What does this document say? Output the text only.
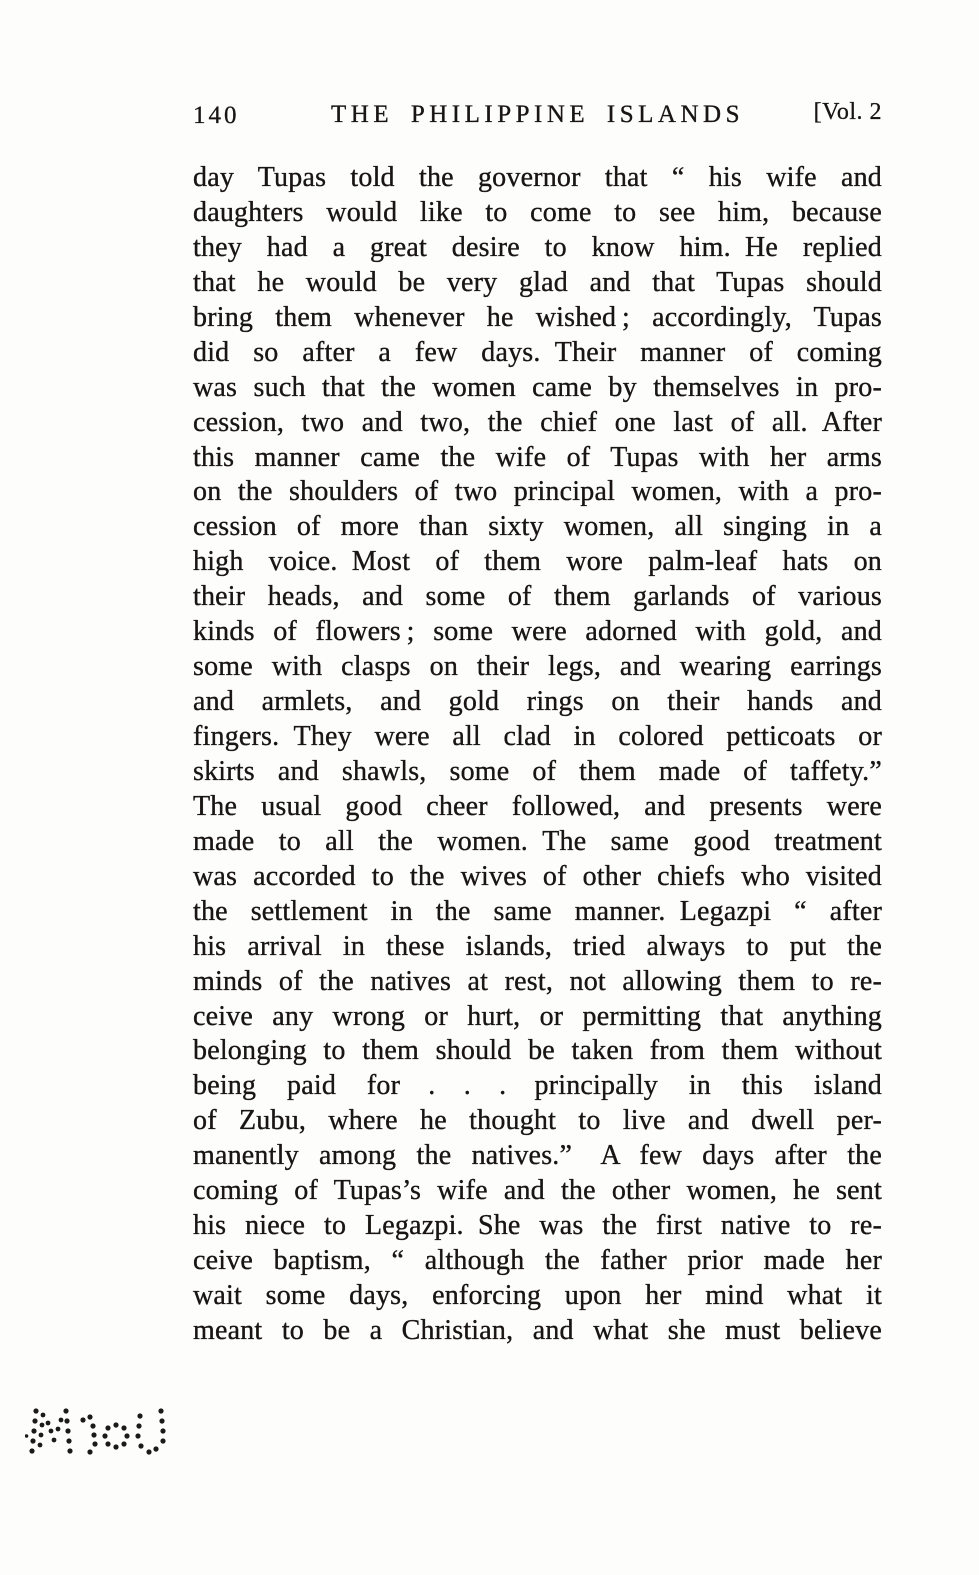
140	THE PHILIPPINE ISLANDS	[Vol. 2
day Tupas told the governor that “ his wife and
daughters would like to come to see him, because
they had a great desire to know him. He replied
that he would be very glad and that Tupas should
bring them whenever he wished ; accordingly, Tupas
did so after a few days. Their manner of coming
was such that the women came by themselves in pro-
cession, two and two, the chief one last of all. After
this manner came the wife of Tupas with her arms
on the shoulders of two principal women, with a pro-
cession of more than sixty women, all singing in a
high voice. Most of them wore palm-leaf hats on
their heads, and some of them garlands of various
kinds of flowers ; some were adorned with gold, and
some with clasps on their legs, and wearing earrings
and armlets, and gold rings on their hands and
fingers. They were all clad in colored petticoats or
skirts and shawls, some of them made of taffety.”
The usual good cheer followed, and presents were
made to all the women. The same good treatment
was accorded to the wives of other chiefs who visited
the settlement in the same manner. Legazpi “ after
his arrival in these islands, tried always to put the
minds of the natives at rest, not allowing them to re-
ceive any wrong or hurt, or permitting that anything
belonging to them should be taken from them without
being paid for . . . principally in this island
of Zubu, where he thought to live and dwell per-
manently among the natives.” A few days after the
coming of Tupas’s wife and the other women, he sent
his niece to Legazpi. She was the first native to re-
ceive baptism, “ although the father prior made her
wait some days, enforcing upon her mind what it
meant to be a Christian, and what she must believe
